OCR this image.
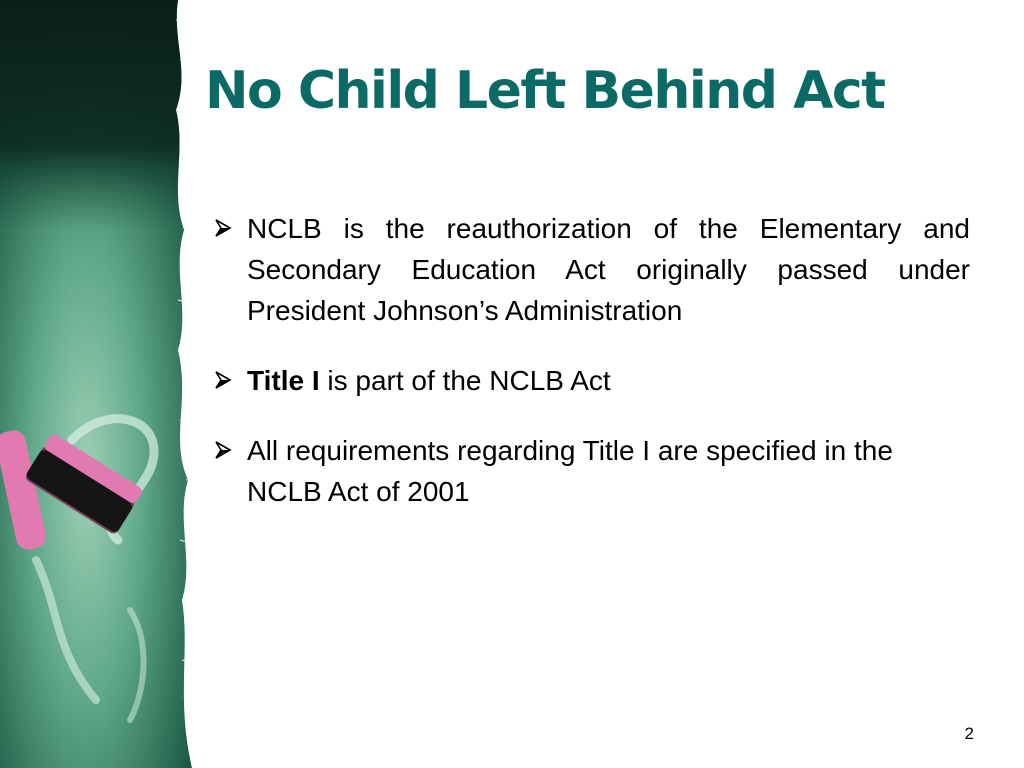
No Child Left Behind Act
NCLB is the reauthorization of the Elementary and Secondary Education Act originally passed under President Johnson’s Administration
Title I is part of the NCLB Act
All requirements regarding Title I are specified in the NCLB Act of 2001
2
